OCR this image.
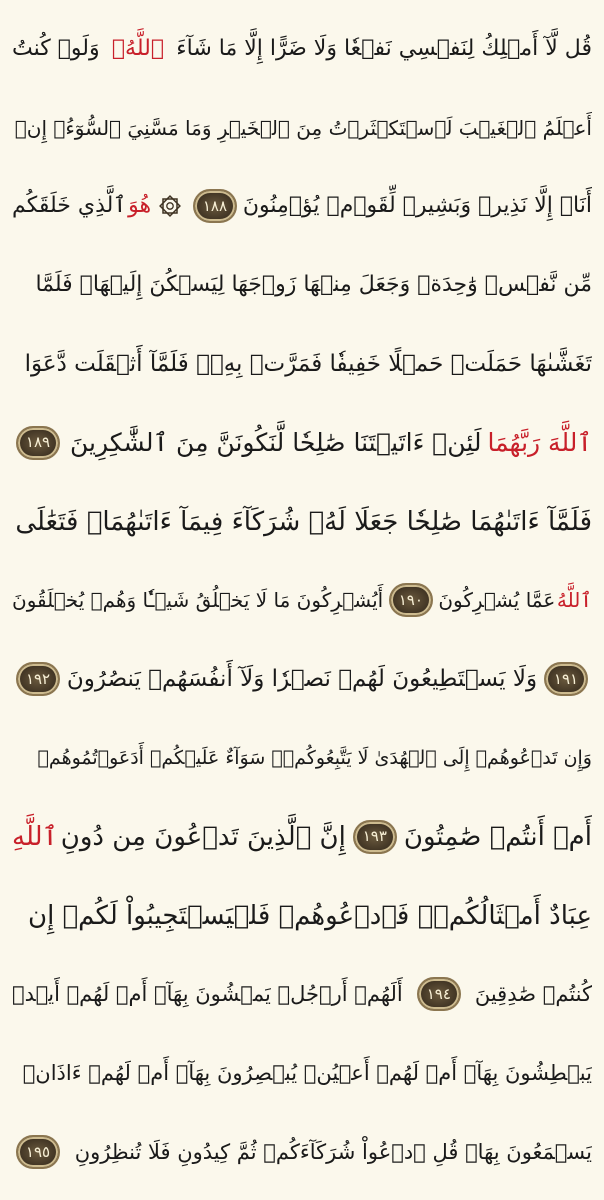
قُل لَّآ أَمۡلِكُ لِنَفۡسِي نَفۡعٗا وَلَا ضَرًّا إِلَّا مَا شَآءَ
ٱللَّهُۚ
وَلَوۡ كُنتُ
أَعۡلَمُ ٱلۡغَيۡبَ لَٱسۡتَكۡثَرۡتُ مِنَ ٱلۡخَيۡرِ وَمَا مَسَّنِيَ ٱلسُّوٓءُۚ إِنۡ
أَنَا۠ إِلَّا نَذِيرٞ وَبَشِيرٞ لِّقَوۡمٖ يُؤۡمِنُونَ
١٨٨
هُوَ
ٱلَّذِي خَلَقَكُم
مِّن نَّفۡسٖ وَٰحِدَةٖ وَجَعَلَ مِنۡهَا زَوۡجَهَا لِيَسۡكُنَ إِلَيۡهَاۖ فَلَمَّا
تَغَشَّىٰهَا حَمَلَتۡ حَمۡلًا خَفِيفٗا فَمَرَّتۡ بِهِۦۖ فَلَمَّآ أَثۡقَلَت دَّعَوَا
ٱللَّهَ رَبَّهُمَا
لَئِنۡ ءَاتَيۡتَنَا صَٰلِحٗا لَّنَكُونَنَّ مِنَ ٱلشَّٰكِرِينَ
١٨٩
فَلَمَّآ ءَاتَىٰهُمَا صَٰلِحٗا جَعَلَا لَهُۥ شُرَكَآءَ فِيمَآ ءَاتَىٰهُمَاۚ فَتَعَٰلَى
ٱللَّهُ
عَمَّا يُشۡرِكُونَ
١٩٠
أَيُشۡرِكُونَ مَا لَا يَخۡلُقُ شَيۡـٔٗا وَهُمۡ يُخۡلَقُونَ
١٩١
وَلَا يَسۡتَطِيعُونَ لَهُمۡ نَصۡرٗا وَلَآ أَنفُسَهُمۡ يَنصُرُونَ
١٩٢
وَإِن تَدۡعُوهُمۡ إِلَى ٱلۡهُدَىٰ لَا يَتَّبِعُوكُمۡۚ سَوَآءٌ عَلَيۡكُمۡ أَدَعَوۡتُمُوهُمۡ
أَمۡ أَنتُمۡ صَٰمِتُونَ
١٩٣
إِنَّ ٱلَّذِينَ تَدۡعُونَ مِن دُونِ
ٱللَّهِ
عِبَادٌ أَمۡثَالُكُمۡۖ فَٱدۡعُوهُمۡ فَلۡيَسۡتَجِيبُواْ لَكُمۡ إِن
كُنتُمۡ صَٰدِقِينَ
١٩٤
أَلَهُمۡ أَرۡجُلٞ يَمۡشُونَ بِهَآۖ أَمۡ لَهُمۡ أَيۡدٖ
يَبۡطِشُونَ بِهَآۖ أَمۡ لَهُمۡ أَعۡيُنٞ يُبۡصِرُونَ بِهَآۖ أَمۡ لَهُمۡ ءَاذَانٞ
يَسۡمَعُونَ بِهَاۗ قُلِ ٱدۡعُواْ شُرَكَآءَكُمۡ ثُمَّ كِيدُونِ فَلَا تُنظِرُونِ
١٩٥
